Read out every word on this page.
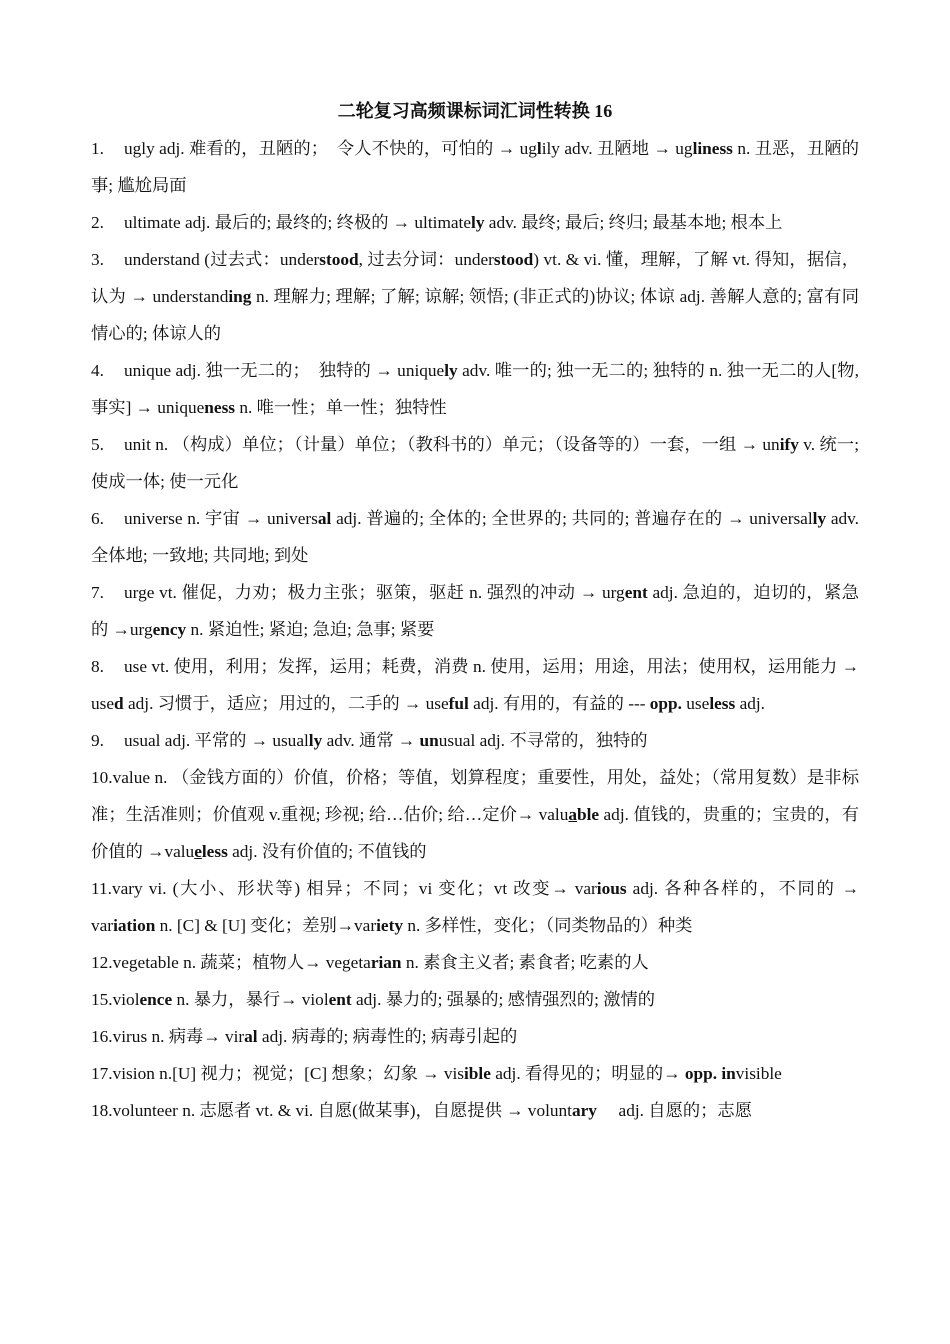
二轮复习高频课标词汇词性转换 16

1. ugly adj. 难看的，丑陋的；　令人不快的，可怕的 → uglily adv. 丑陋地 → ugliness n. 丑恶，丑陋的事; 尴尬局面

2. ultimate adj. 最后的; 最终的; 终极的 → ultimately adv. 最终; 最后; 终归; 最基本地; 根本上

3. understand (过去式：understood, 过去分词：understood) vt. & vi. 懂，理解，了解 vt. 得知，据信，认为 → understanding n. 理解力; 理解; 了解; 谅解; 领悟; (非正式的)协议; 体谅 adj. 善解人意的; 富有同情心的; 体谅人的

4. unique adj. 独一无二的；　独特的 → uniquely adv. 唯一的; 独一无二的; 独特的 n. 独一无二的人[物, 事实] → uniqueness n. 唯一性；单一性；独特性

5. unit n. （构成）单位；（计量）单位；（教科书的）单元；（设备等的）一套，一组 → unify v. 统一; 使成一体; 使一元化

6. universe n. 宇宙 → universal adj. 普遍的; 全体的; 全世界的; 共同的; 普遍存在的 → universally adv. 全体地; 一致地; 共同地; 到处

7. urge vt. 催促，力劝；极力主张；驱策，驱赶 n. 强烈的冲动 → urgent adj. 急迫的，迫切的，紧急的 →urgency n. 紧迫性; 紧迫; 急迫; 急事; 紧要

8. use vt. 使用，利用；发挥，运用；耗费，消费 n. 使用，运用；用途，用法；使用权，运用能力 → used adj. 习惯于，适应；用过的，二手的 → useful adj. 有用的，有益的 --- opp. useless adj.

9. usual adj. 平常的 → usually adv. 通常 → unusual adj. 不寻常的，独特的

10.value n. （金钱方面的）价值，价格；等值，划算程度；重要性，用处，益处；（常用复数）是非标准；生活准则；价值观 v.重视; 珍视; 给…估价; 给…定价→ valuable adj. 值钱的，贵重的；宝贵的，有价值的 →valueless adj. 没有价值的; 不值钱的

11.vary vi. (大小、形状等) 相异；不同；vi 变化；vt 改变→ various adj. 各种各样的，不同的 → variation n. [C] & [U] 变化；差别→variety n. 多样性，变化；（同类物品的）种类

12.vegetable n. 蔬菜；植物人→ vegetarian n. 素食主义者; 素食者; 吃素的人

15.violence n. 暴力，暴行→ violent adj. 暴力的; 强暴的; 感情强烈的; 激情的

16.virus n. 病毒→ viral adj. 病毒的; 病毒性的; 病毒引起的

17.vision n.[U] 视力；视觉；[C] 想象；幻象 → visible adj. 看得见的；明显的→ opp. invisible

18.volunteer n. 志愿者 vt. & vi. 自愿(做某事)，自愿提供 → voluntary　 adj. 自愿的；志愿
